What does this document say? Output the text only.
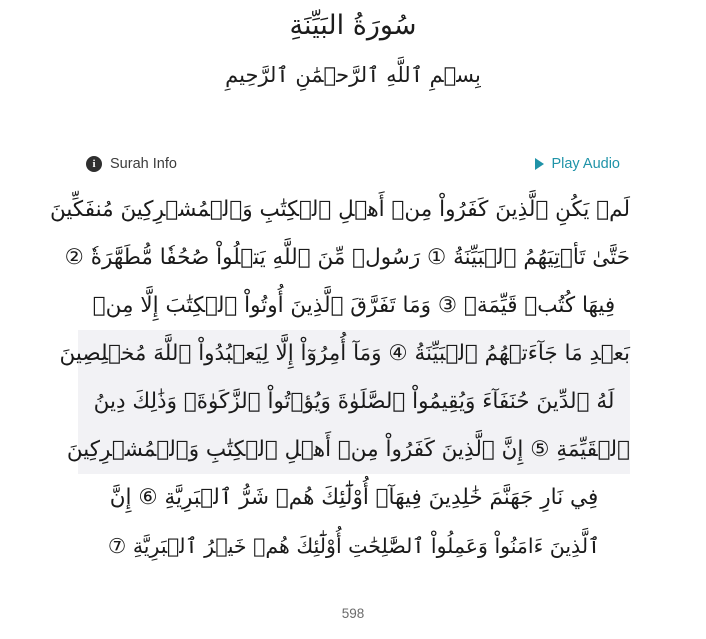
سُورَةُ البَيِّنَةِ
بِسۡمِ ٱللَّهِ ٱلرَّحۡمَٰنِ ٱلرَّحِيمِ
i Surah Info	Play Audio
لَمۡ يَكُنِ ٱلَّذِينَ كَفَرُواْ مِنۡ أَهۡلِ ٱلۡكِتَٰبِ وَٱلۡمُشۡرِكِينَ مُنفَكِّينَ
حَتَّىٰ تَأۡتِيَهُمُ ٱلۡبَيِّنَةُ ① رَسُولٞ مِّنَ ٱللَّهِ يَتۡلُواْ صُحُفٗا مُّطَهَّرَةٗ ②
فِيهَا كُتُبٞ قَيِّمَةٞ ③ وَمَا تَفَرَّقَ ٱلَّذِينَ أُوتُواْ ٱلۡكِتَٰبَ إِلَّا مِنۢ
بَعۡدِ مَا جَآءَتۡهُمُ ٱلۡبَيِّنَةُ ④ وَمَآ أُمِرُوٓاْ إِلَّا لِيَعۡبُدُواْ ٱللَّهَ مُخۡلِصِينَ
لَهُ ٱلدِّينَ حُنَفَآءَ وَيُقِيمُواْ ٱلصَّلَوٰةَ وَيُؤۡتُواْ ٱلزَّكَوٰةَۚ وَذَٰلِكَ دِينُ
ٱلۡقَيِّمَةِ ⑤ إِنَّ ٱلَّذِينَ كَفَرُواْ مِنۡ أَهۡلِ ٱلۡكِتَٰبِ وَٱلۡمُشۡرِكِينَ
فِي نَارِ جَهَنَّمَ خَٰلِدِينَ فِيهَآۚ أُوْلَٰٓئِكَ هُمۡ شَرُّ ٱلۡبَرِيَّةِ ⑥ إِنَّ
ٱلَّذِينَ ءَامَنُواْ وَعَمِلُواْ ٱلصَّٰلِحَٰتِ أُوْلَٰٓئِكَ هُمۡ خَيۡرُ ٱلۡبَرِيَّةِ ⑦
598
